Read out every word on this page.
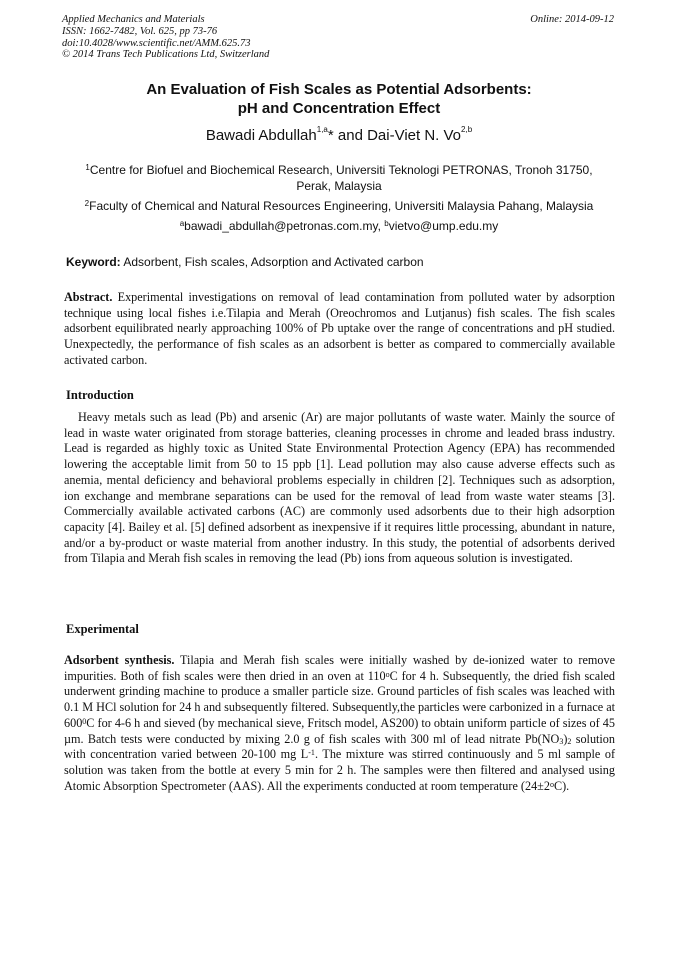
Applied Mechanics and Materials
ISSN: 1662-7482, Vol. 625, pp 73-76
doi:10.4028/www.scientific.net/AMM.625.73
© 2014 Trans Tech Publications Ltd, Switzerland
Online: 2014-09-12
An Evaluation of Fish Scales as Potential Adsorbents:
pH and Concentration Effect
Bawadi Abdullah$^{1,a}$* and Dai-Viet N. Vo$^{2,b}$
$^1$Centre for Biofuel and Biochemical Research, Universiti Teknologi PETRONAS, Tronoh 31750,
Perak, Malaysia
$^2$Faculty of Chemical and Natural Resources Engineering, Universiti Malaysia Pahang, Malaysia
$^a$bawadi_abdullah@petronas.com.my, $^b$vietvo@ump.edu.my
Keyword: Adsorbent, Fish scales, Adsorption and Activated carbon
Abstract. Experimental investigations on removal of lead contamination from polluted water by adsorption technique using local fishes i.e.Tilapia and Merah (Oreochromos and Lutjanus) fish scales. The fish scales adsorbent equilibrated nearly approaching 100% of Pb uptake over the range of concentrations and pH studied. Unexpectedly, the performance of fish scales as an adsorbent is better as compared to commercially available activated carbon.
Introduction
Heavy metals such as lead (Pb) and arsenic (Ar) are major pollutants of waste water. Mainly the source of lead in waste water originated from storage batteries, cleaning processes in chrome and leaded brass industry. Lead is regarded as highly toxic as United State Environmental Protection Agency (EPA) has recommended lowering the acceptable limit from 50 to 15 ppb [1]. Lead pollution may also cause adverse effects such as anemia, mental deficiency and behavioral problems especially in children [2]. Techniques such as adsorption, ion exchange and membrane separations can be used for the removal of lead from waste water steams [3]. Commercially available activated carbons (AC) are commonly used adsorbents due to their high adsorption capacity [4]. Bailey et al. [5] defined adsorbent as inexpensive if it requires little processing, abundant in nature, and/or a by-product or waste material from another industry. In this study, the potential of adsorbents derived from Tilapia and Merah fish scales in removing the lead (Pb) ions from aqueous solution is investigated.
Experimental
Adsorbent synthesis. Tilapia and Merah fish scales were initially washed by de-ionized water to remove impurities. Both of fish scales were then dried in an oven at 110$^o$C for 4 h. Subsequently, the dried fish scaled underwent grinding machine to produce a smaller particle size. Ground particles of fish scales was leached with 0.1 M HCl solution for 24 h and subsequently filtered. Subsequently,the particles were carbonized in a furnace at $600^0C$ for 4-6 h and sieved (by mechanical sieve, Fritsch model, AS200) to obtain uniform particle of sizes of 45 µm. Batch tests were conducted by mixing 2.0 g of fish scales with 300 ml of lead nitrate $Pb(NO_3)_2$ solution with concentration varied between 20-100 mg $L^{-1}$. The mixture was stirred continuously and 5 ml sample of solution was taken from the bottle at every 5 min for 2 h. The samples were then filtered and analysed using Atomic Absorption Spectrometer (AAS). All the experiments conducted at room temperature $(24\pm 2^oC)$.
